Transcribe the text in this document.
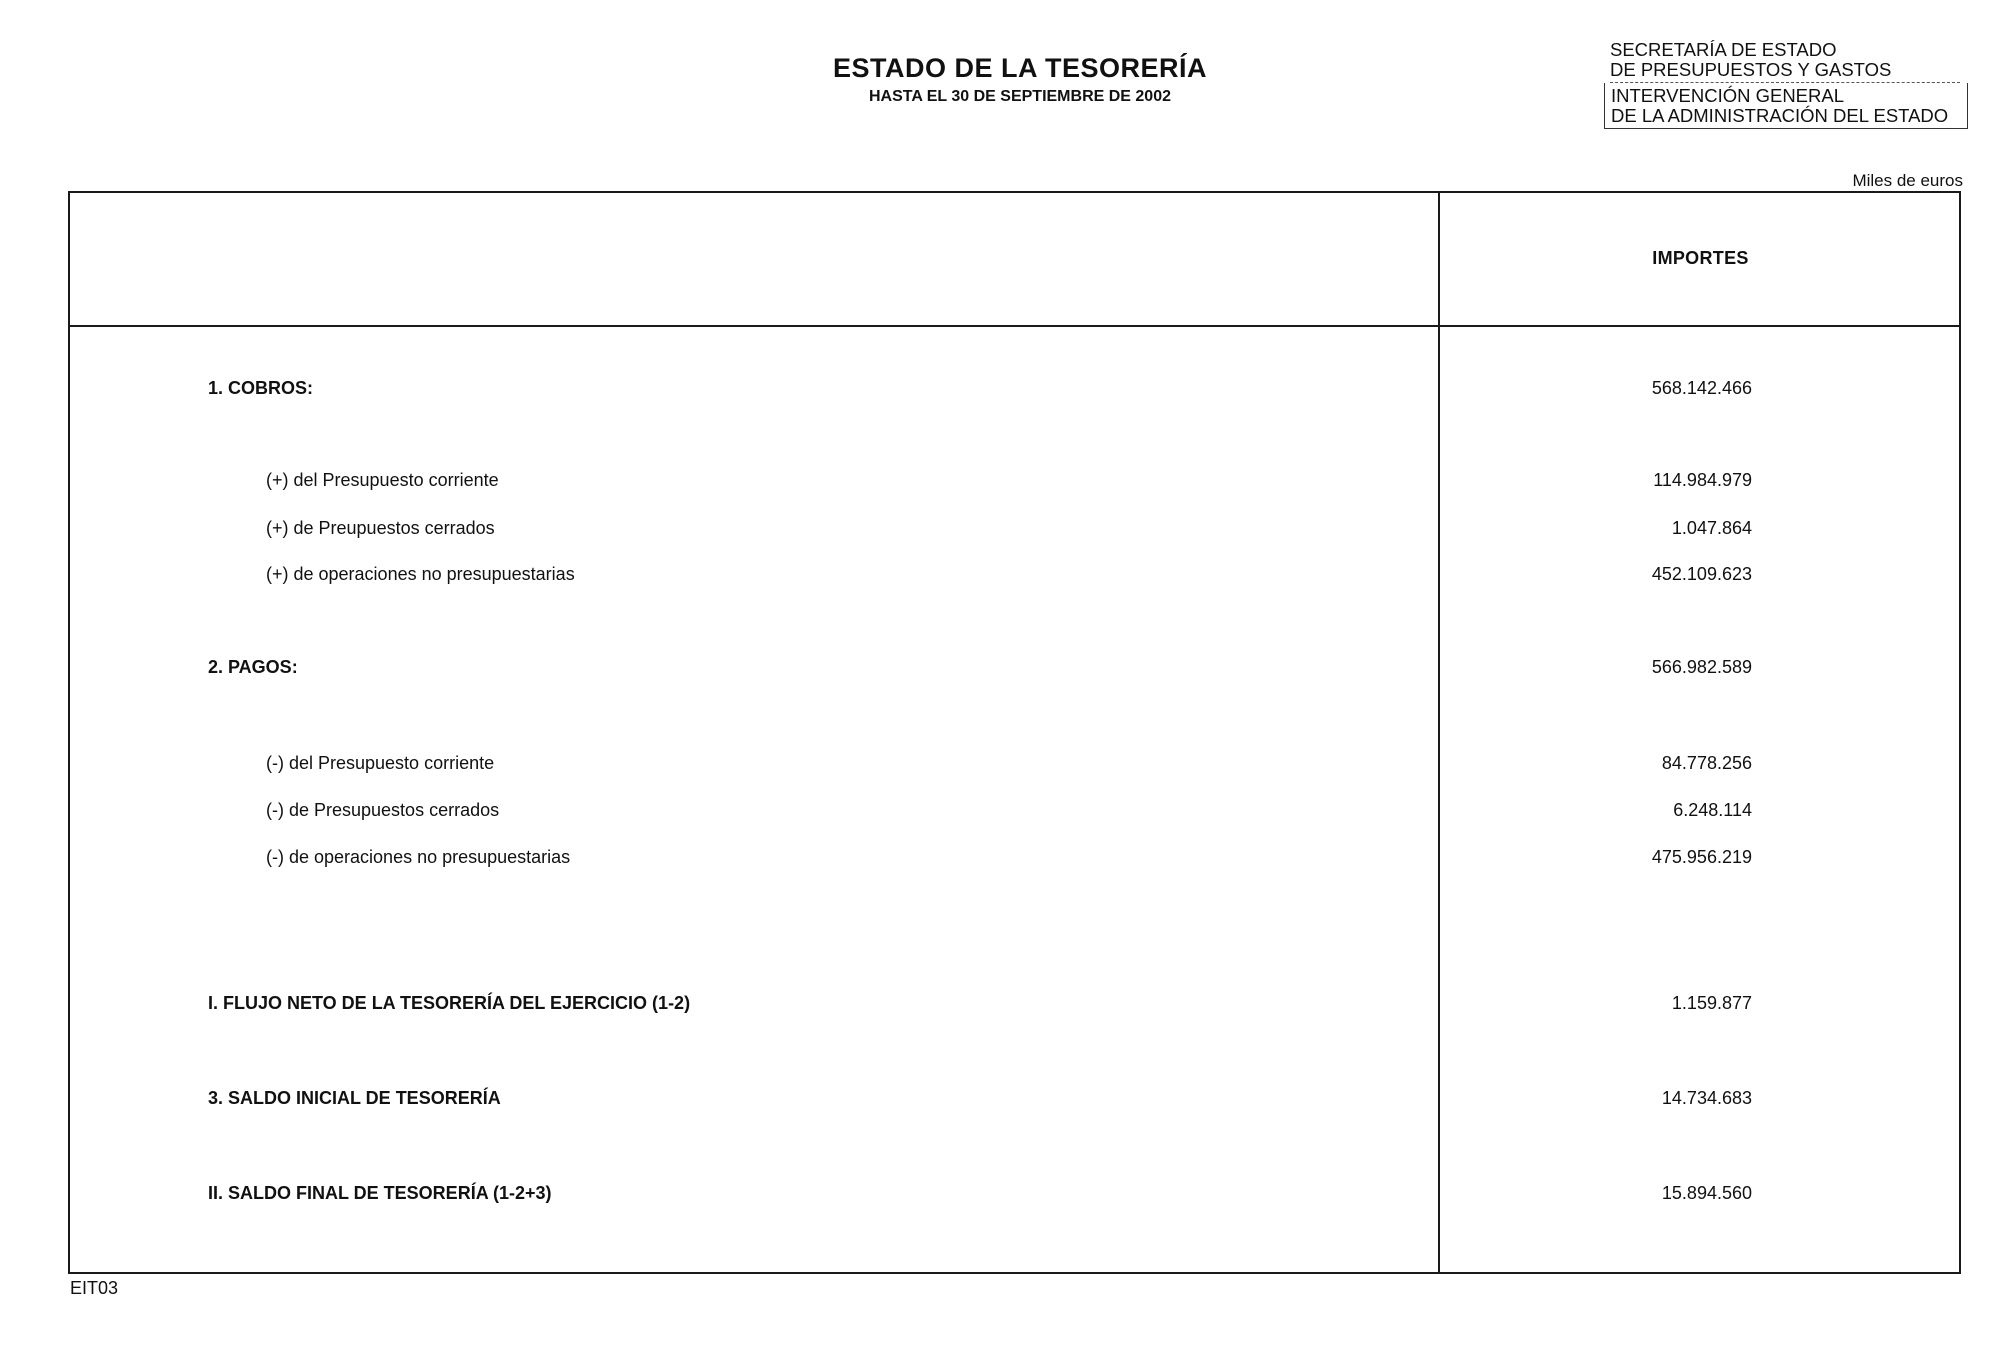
ESTADO DE LA TESORERÍA
HASTA EL 30 DE SEPTIEMBRE DE 2002
SECRETARÍA DE ESTADO
DE PRESUPUESTOS Y GASTOS
INTERVENCIÓN GENERAL
DE LA ADMINISTRACIÓN DEL ESTADO
Miles de euros
IMPORTES
1. COBROS:	568.142.466
(+) del Presupuesto corriente	114.984.979
(+) de Preupuestos cerrados	1.047.864
(+) de operaciones no presupuestarias	452.109.623
2. PAGOS:	566.982.589
(-) del Presupuesto corriente	84.778.256
(-) de Presupuestos cerrados	6.248.114
(-) de operaciones no presupuestarias	475.956.219
I. FLUJO NETO DE LA TESORERÍA DEL EJERCICIO (1-2)	1.159.877
3. SALDO INICIAL DE TESORERÍA	14.734.683
II. SALDO FINAL DE TESORERÍA (1-2+3)	15.894.560
EIT03
